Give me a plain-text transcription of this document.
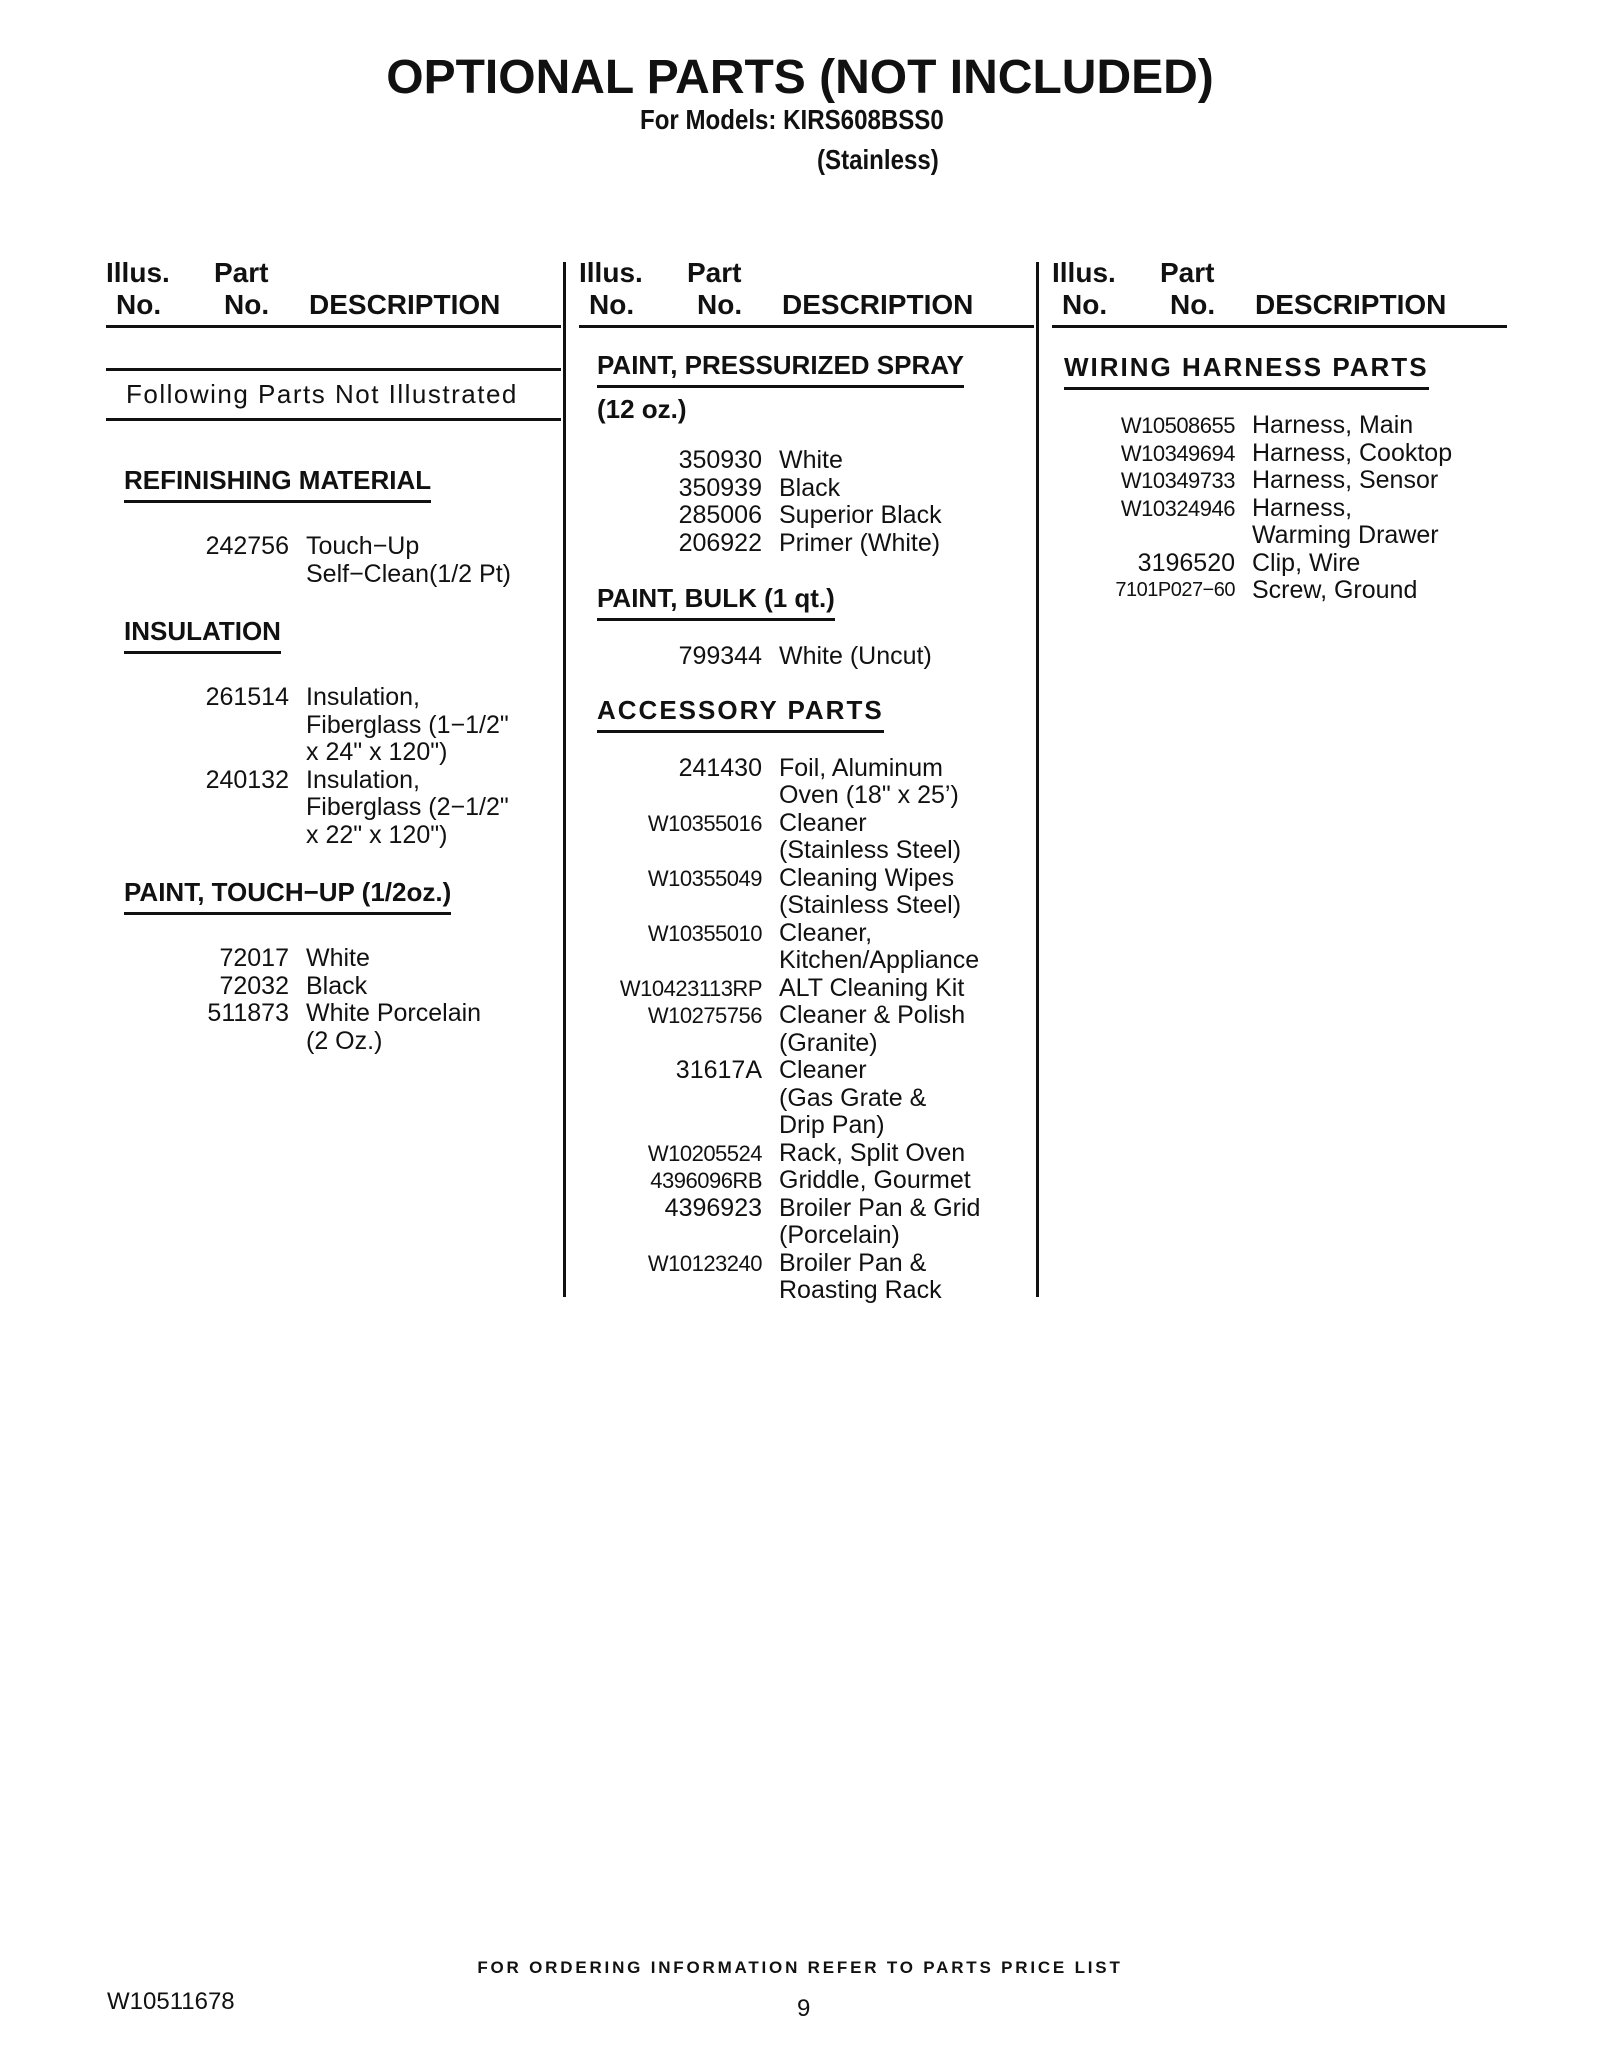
OPTIONAL PARTS (NOT INCLUDED)
For Models: KIRS608BSS0
(Stainless)
Illus.
No.
Part
No. DESCRIPTION
Following Parts Not Illustrated
REFINISHING MATERIAL
242756 Touch−Up
Self−Clean(1/2 Pt)
INSULATION
261514 Insulation,
Fiberglass (1−1/2"
x 24" x 120")
240132 Insulation,
Fiberglass (2−1/2"
x 22" x 120")
PAINT, TOUCH−UP (1/2oz.)
72017 White
72032 Black
511873 White Porcelain
(2 Oz.)
Illus.
No.
Part
No. DESCRIPTION
PAINT, PRESSURIZED SPRAY
(12 oz.)
350930 White
350939 Black
285006 Superior Black
206922 Primer (White)
PAINT, BULK (1 qt.)
799344 White (Uncut)
ACCESSORY PARTS
241430 Foil, Aluminum
Oven (18" x 25’)
W10355016 Cleaner
(Stainless Steel)
W10355049 Cleaning Wipes
(Stainless Steel)
W10355010 Cleaner,
Kitchen/Appliance
W10423113RP ALT Cleaning Kit
W10275756 Cleaner & Polish
(Granite)
31617A Cleaner
(Gas Grate &
Drip Pan)
W10205524 Rack, Split Oven
4396096RB Griddle, Gourmet
4396923 Broiler Pan & Grid
(Porcelain)
W10123240 Broiler Pan &
Roasting Rack
Illus.
No.
Part
No. DESCRIPTION
WIRING HARNESS PARTS
W10508655 Harness, Main
W10349694 Harness, Cooktop
W10349733 Harness, Sensor
W10324946 Harness,
Warming Drawer
3196520 Clip, Wire
7101P027−60 Screw, Ground
FOR ORDERING INFORMATION REFER TO PARTS PRICE LIST
W10511678	9
